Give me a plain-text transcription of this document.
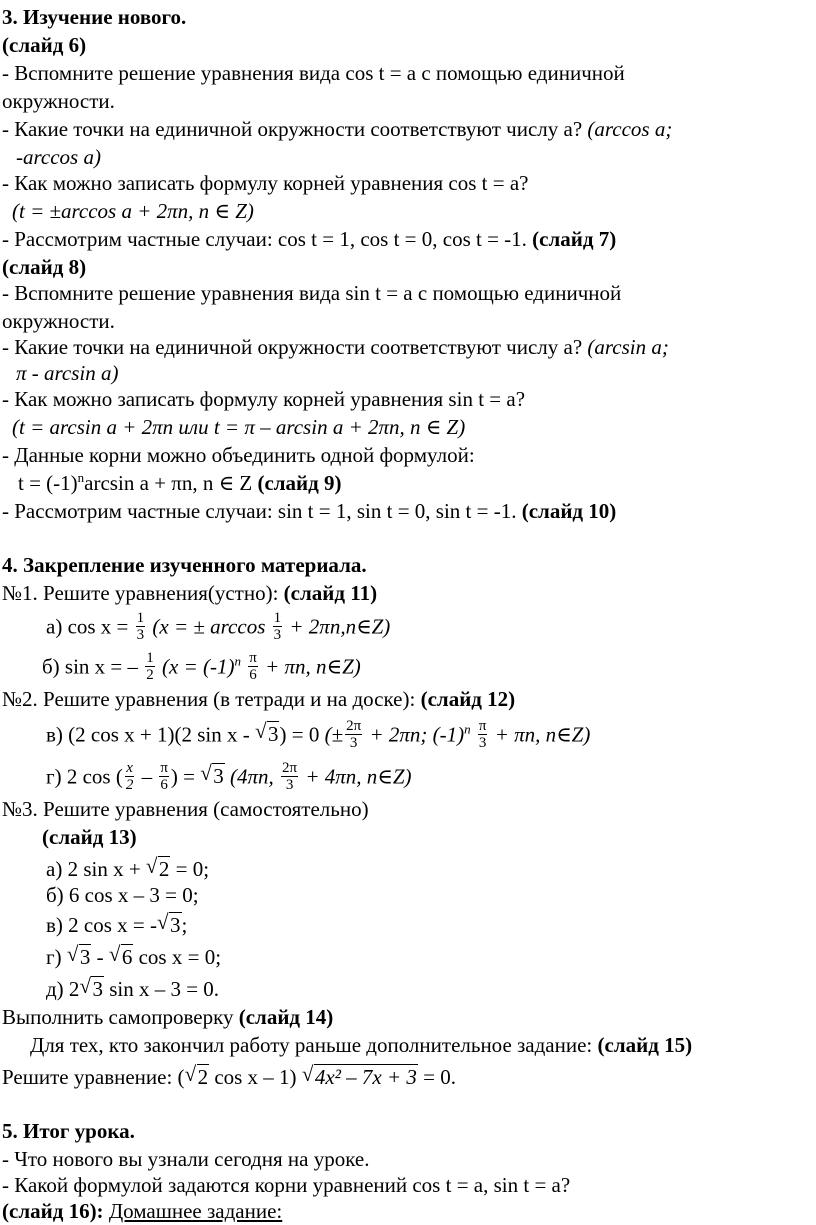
3. Изучение нового.
(слайд 6)
- Вспомните решение уравнения вида cos t = a с помощью единичной
окружности.
- Какие точки на единичной окружности соответствуют числу а? (arccos a;
-arccos a)
- Как можно записать формулу корней уравнения cos t = a?
(t = ±arccos a + 2πn, n ∈ Z)
- Рассмотрим частные случаи: cos t = 1, cos t = 0, cos t = -1. (слайд 7)
(слайд 8)
- Вспомните решение уравнения вида sin t = a с помощью единичной
окружности.
- Какие точки на единичной окружности соответствуют числу а? (arcsin a;
π - arcsin a)
- Как можно записать формулу корней уравнения sin t = a?
(t = arcsin a + 2πn или t = π – arcsin a + 2πn, n ∈ Z)
- Данные корни можно объединить одной формулой:
$t = (-1)^n\arcsin$ a + πn, n ∈ Z (слайд 9)
- Рассмотрим частные случаи: sin t = 1, sin t = 0, sin t = -1. (слайд 10)
4. Закрепление изученного материала.
№1. Решите уравнения(устно): (слайд 11)
а) $\cos x = \frac{1}{3} (x$ = ± $\arccos \frac{1}{3}$ + 2πn,n∈Z)
б) sin x = – $\frac{1}{2} (x = (-1)^n \frac{\pi}{6} + \pi n$, n∈Z)
№2. Решите уравнения (в тетради и на доске): (слайд 12)
в) (2 cos x + 1)(2 sin x - √ 3) = 0 (± $\frac{2\pi}{3} + 2\pi n$; $(-1)^n \frac{\pi}{3} + \pi n$, n∈Z)
г) 2 cos ( $\frac{x}{2} - \frac{\pi}{6}$ ) = √ 3 (4πn, $\frac{2\pi}{3} + 4\pi n$, n∈Z)
№3. Решите уравнения (самостоятельно)
(слайд 13)
а) 2 sin x + √ 2 = 0;
б) 6 cos x – 3 = 0;
в) 2 cos x = - √ 3;
г) √ 3 - √ 6 cos x = 0;
д) 2 √ 3 sin x – 3 = 0.
Выполнить самопроверку (слайд 14)
Для тех, кто закончил работу раньше дополнительное задание: (слайд 15)
Решите уравнение: ( √ 2 cos x – 1) √ 4x² – 7x + 3 = 0.
5. Итог урока.
- Что нового вы узнали сегодня на уроке.
- Какой формулой задаются корни уравнений cos t = a, sin t = a?
(слайд 16): Домашнее задание:
